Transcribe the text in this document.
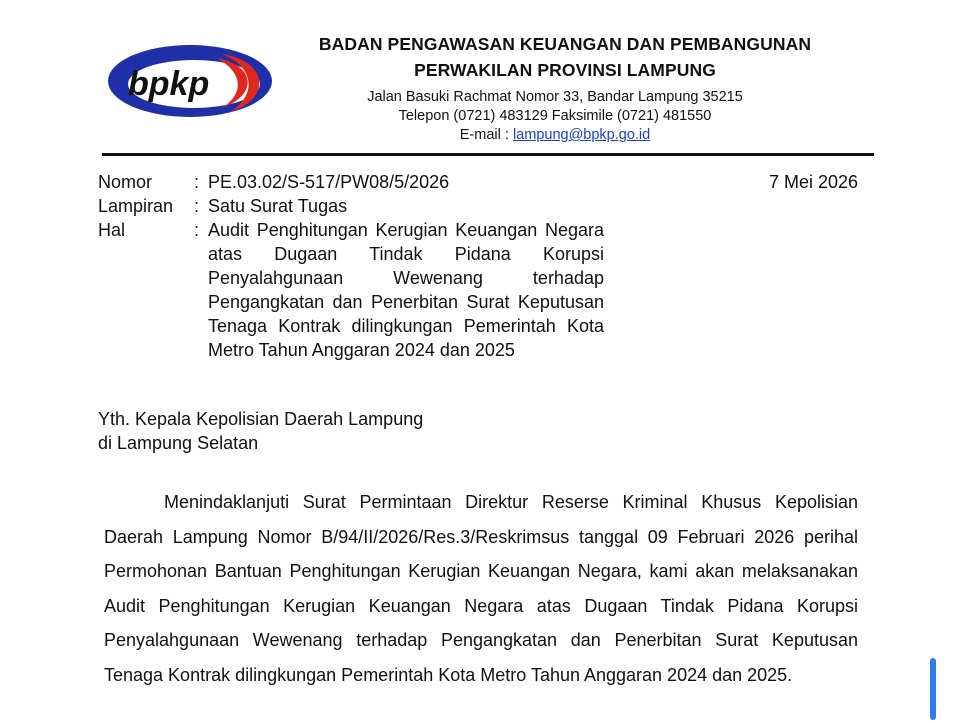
bpkp
BADAN PENGAWASAN KEUANGAN DAN PEMBANGUNAN
PERWAKILAN PROVINSI LAMPUNG
Jalan Basuki Rachmat Nomor 33, Bandar Lampung 35215
Telepon (0721) 483129 Faksimile (0721) 481550
E-mail : lampung@bpkp.go.id
Nomor	: PE.03.02/S-517/PW08/5/2026
Lampiran	: Satu Surat Tugas
Hal	: Audit Penghitungan Kerugian Keuangan Negara atas Dugaan Tindak Pidana Korupsi Penyalahgunaan Wewenang terhadap Pengangkatan dan Penerbitan Surat Keputusan Tenaga Kontrak dilingkungan Pemerintah Kota Metro Tahun Anggaran 2024 dan 2025
7 Mei 2026
Yth. Kepala Kepolisian Daerah Lampung
di Lampung Selatan
Menindaklanjuti Surat Permintaan Direktur Reserse Kriminal Khusus Kepolisian Daerah Lampung Nomor B/94/II/2026/Res.3/Reskrimsus tanggal 09 Februari 2026 perihal Permohonan Bantuan Penghitungan Kerugian Keuangan Negara, kami akan melaksanakan Audit Penghitungan Kerugian Keuangan Negara atas Dugaan Tindak Pidana Korupsi Penyalahgunaan Wewenang terhadap Pengangkatan dan Penerbitan Surat Keputusan Tenaga Kontrak dilingkungan Pemerintah Kota Metro Tahun Anggaran 2024 dan 2025.
